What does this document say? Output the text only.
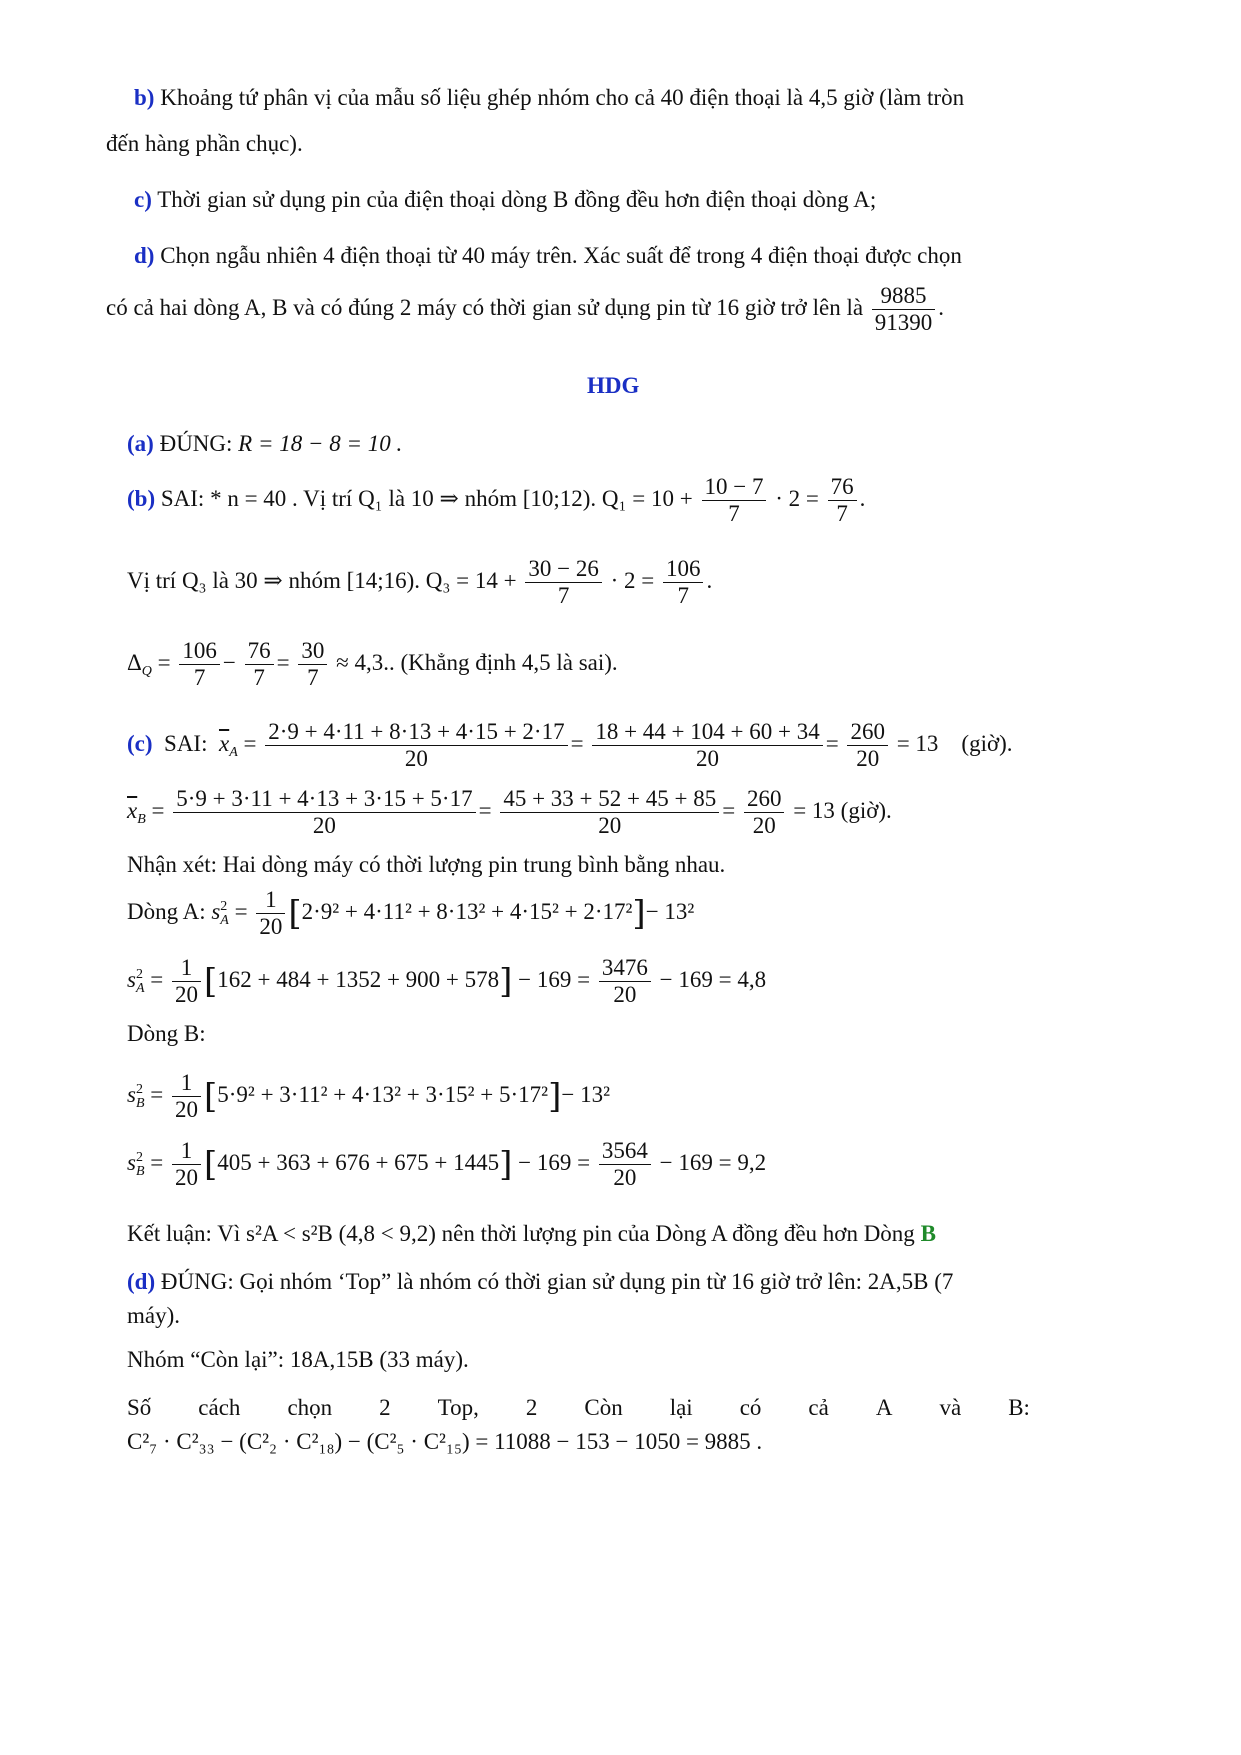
b) Khoảng tứ phân vị của mẫu số liệu ghép nhóm cho cả 40 điện thoại là 4,5 giờ (làm tròn
đến hàng phần chục).
c) Thời gian sử dụng pin của điện thoại dòng B đồng đều hơn điện thoại dòng A;
d) Chọn ngẫu nhiên 4 điện thoại từ 40 máy trên. Xác suất để trong 4 điện thoại được chọn
có cả hai dòng A, B và có đúng 2 máy có thời gian sử dụng pin từ 16 giờ trở lên là $\frac{9885}{91390}$ .
HDG
(a) ĐÚNG: R = 18 − 8 = 10 .
(b) SAI: * n = 40 . Vị trí Q₁ là 10 ⇒ nhóm [10;12). $Q_1 = 10 + \frac{10 - 7}{7} \cdot 2 = \frac{76}{7}$ .
Vị trí Q₃ là 30 ⇒ nhóm [14;16). $Q_3 = 14 + \frac{30 - 26}{7} \cdot 2 = \frac{106}{7}$ .
$\Delta_Q = \frac{106}{7} - \frac{76}{7} = \frac{30}{7} \approx 4,3$.. (Khẳng định 4,5 là sai).
(c) SAI: $\overline{x}_A = \frac{2\cdot 9 + 4\cdot 11 + 8\cdot 13 + 4\cdot 15 + 2\cdot 17}{20} = \frac{18 + 44 + 104 + 60 + 34}{20} = \frac{260}{20} = 13$ (giờ).
$\overline{x}_B = \frac{5\cdot 9 + 3\cdot 11 + 4\cdot 13 + 3\cdot 15 + 5\cdot 17}{20} = \frac{45 + 33 + 52 + 45 + 85}{20} = \frac{260}{20} = 13$ (giờ).
Nhận xét: Hai dòng máy có thời lượng pin trung bình bằng nhau.
Dòng A: $s^2_A = \frac{1}{20} [2\cdot 9^2 + 4\cdot 11^2 + 8\cdot 13^2 + 4\cdot 15^2 + 2\cdot 17^2]- 13^2$
$s^2_A = \frac{1}{20} [162 + 484 + 1352 + 900 + 578] - 169 = \frac{3476}{20} - 169 = 4,8$
Dòng B:
$s^2_B = \frac{1}{20} [5\cdot 9^2 + 3\cdot 11^2 + 4\cdot 13^2 + 3\cdot 15^2 + 5\cdot 17^2]- 13^2$
$s^2_B = \frac{1}{20} [405 + 363 + 676 + 675 + 1445] - 169 = \frac{3564}{20} - 169 = 9,2$
Kết luận: Vì s²A < s²B (4,8 < 9,2) nên thời lượng pin của Dòng A đồng đều hơn Dòng B
(d) ĐÚNG: Gọi nhóm ‘Top” là nhóm có thời gian sử dụng pin từ 16 giờ trở lên: 2A,5B (7
máy).
Nhóm “Còn lại”: 18A,15B (33 máy).
Số cách chọn 2 Top, 2 Còn lại có cả A và B:
C²₇ · C²₃₃ − (C²₂ · C²₁₈) − (C²₅ · C²₁₅) = 11088 − 153 − 1050 = 9885 .
